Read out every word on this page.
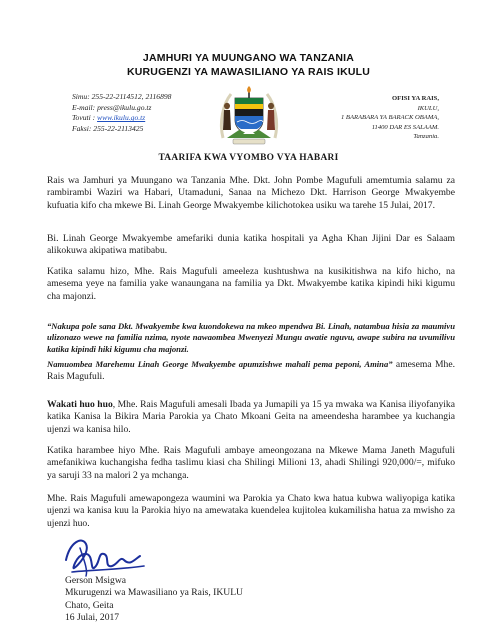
JAMHURI YA MUUNGANO WA TANZANIA
KURUGENZI YA MAWASILIANO YA RAIS IKULU
Simu: 255-22-2114512, 2116898
E-mail: press@ikulu.go.tz
Tovuti : www.ikulu.go.tz
Faksi: 255-22-2113425
OFISI YA RAIS,
IKULU,
1 BARABARA YA BARACK OBAMA,
11400 DAR ES SALAAM.
Tanzania.
TAARIFA KWA VYOMBO VYA HABARI

Rais wa Jamhuri ya Muungano wa Tanzania Mhe. Dkt. John Pombe Magufuli amemtumia salamu za rambirambi Waziri wa Habari, Utamaduni, Sanaa na Michezo Dkt. Harrison George Mwakyembe kufuatia kifo cha mkewe Bi. Linah George Mwakyembe kilichotokea usiku wa tarehe 15 Julai, 2017.

Bi. Linah George Mwakyembe amefariki dunia katika hospitali ya Agha Khan Jijini Dar es Salaam alikokuwa akipatiwa matibabu.

Katika salamu hizo, Mhe. Rais Magufuli ameeleza kushtushwa na kusikitishwa na kifo hicho, na amesema yeye na familia yake wanaungana na familia ya Dkt. Mwakyembe katika kipindi hiki kigumu cha majonzi.

“Nakupa pole sana Dkt. Mwakyembe kwa kuondokewa na mkeo mpendwa Bi. Linah, natambua hisia za maumivu ulizonazo wewe na familia nzima, nyote nawaombea Mwenyezi Mungu awatie nguvu, awape subira na uvumilivu katika kipindi hiki kigumu cha majonzi.

Namuombea Marehemu Linah George Mwakyembe apumzishwe mahali pema peponi, Amina” amesema Mhe. Rais Magufuli.

Wakati huo huo, Mhe. Rais Magufuli amesali Ibada ya Jumapili ya 15 ya mwaka wa Kanisa iliyofanyika katika Kanisa la Bikira Maria Parokia ya Chato Mkoani Geita na ameendesha harambee ya kuchangia ujenzi wa kanisa hilo.

Katika harambee hiyo Mhe. Rais Magufuli ambaye ameongozana na Mkewe Mama Janeth Magufuli amefanikiwa kuchangisha fedha taslimu kiasi cha Shilingi Milioni 13, ahadi Shilingi 920,000/=, mifuko ya saruji 33 na malori 2 ya mchanga.

Mhe. Rais Magufuli amewapongeza waumini wa Parokia ya Chato kwa hatua kubwa waliyopiga katika ujenzi wa kanisa kuu la Parokia hiyo na amewataka kuendelea kujitolea kukamilisha hatua za mwisho za ujenzi huo.

Gerson Msigwa
Mkurugenzi wa Mawasiliano ya Rais, IKULU
Chato, Geita
16 Julai, 2017
